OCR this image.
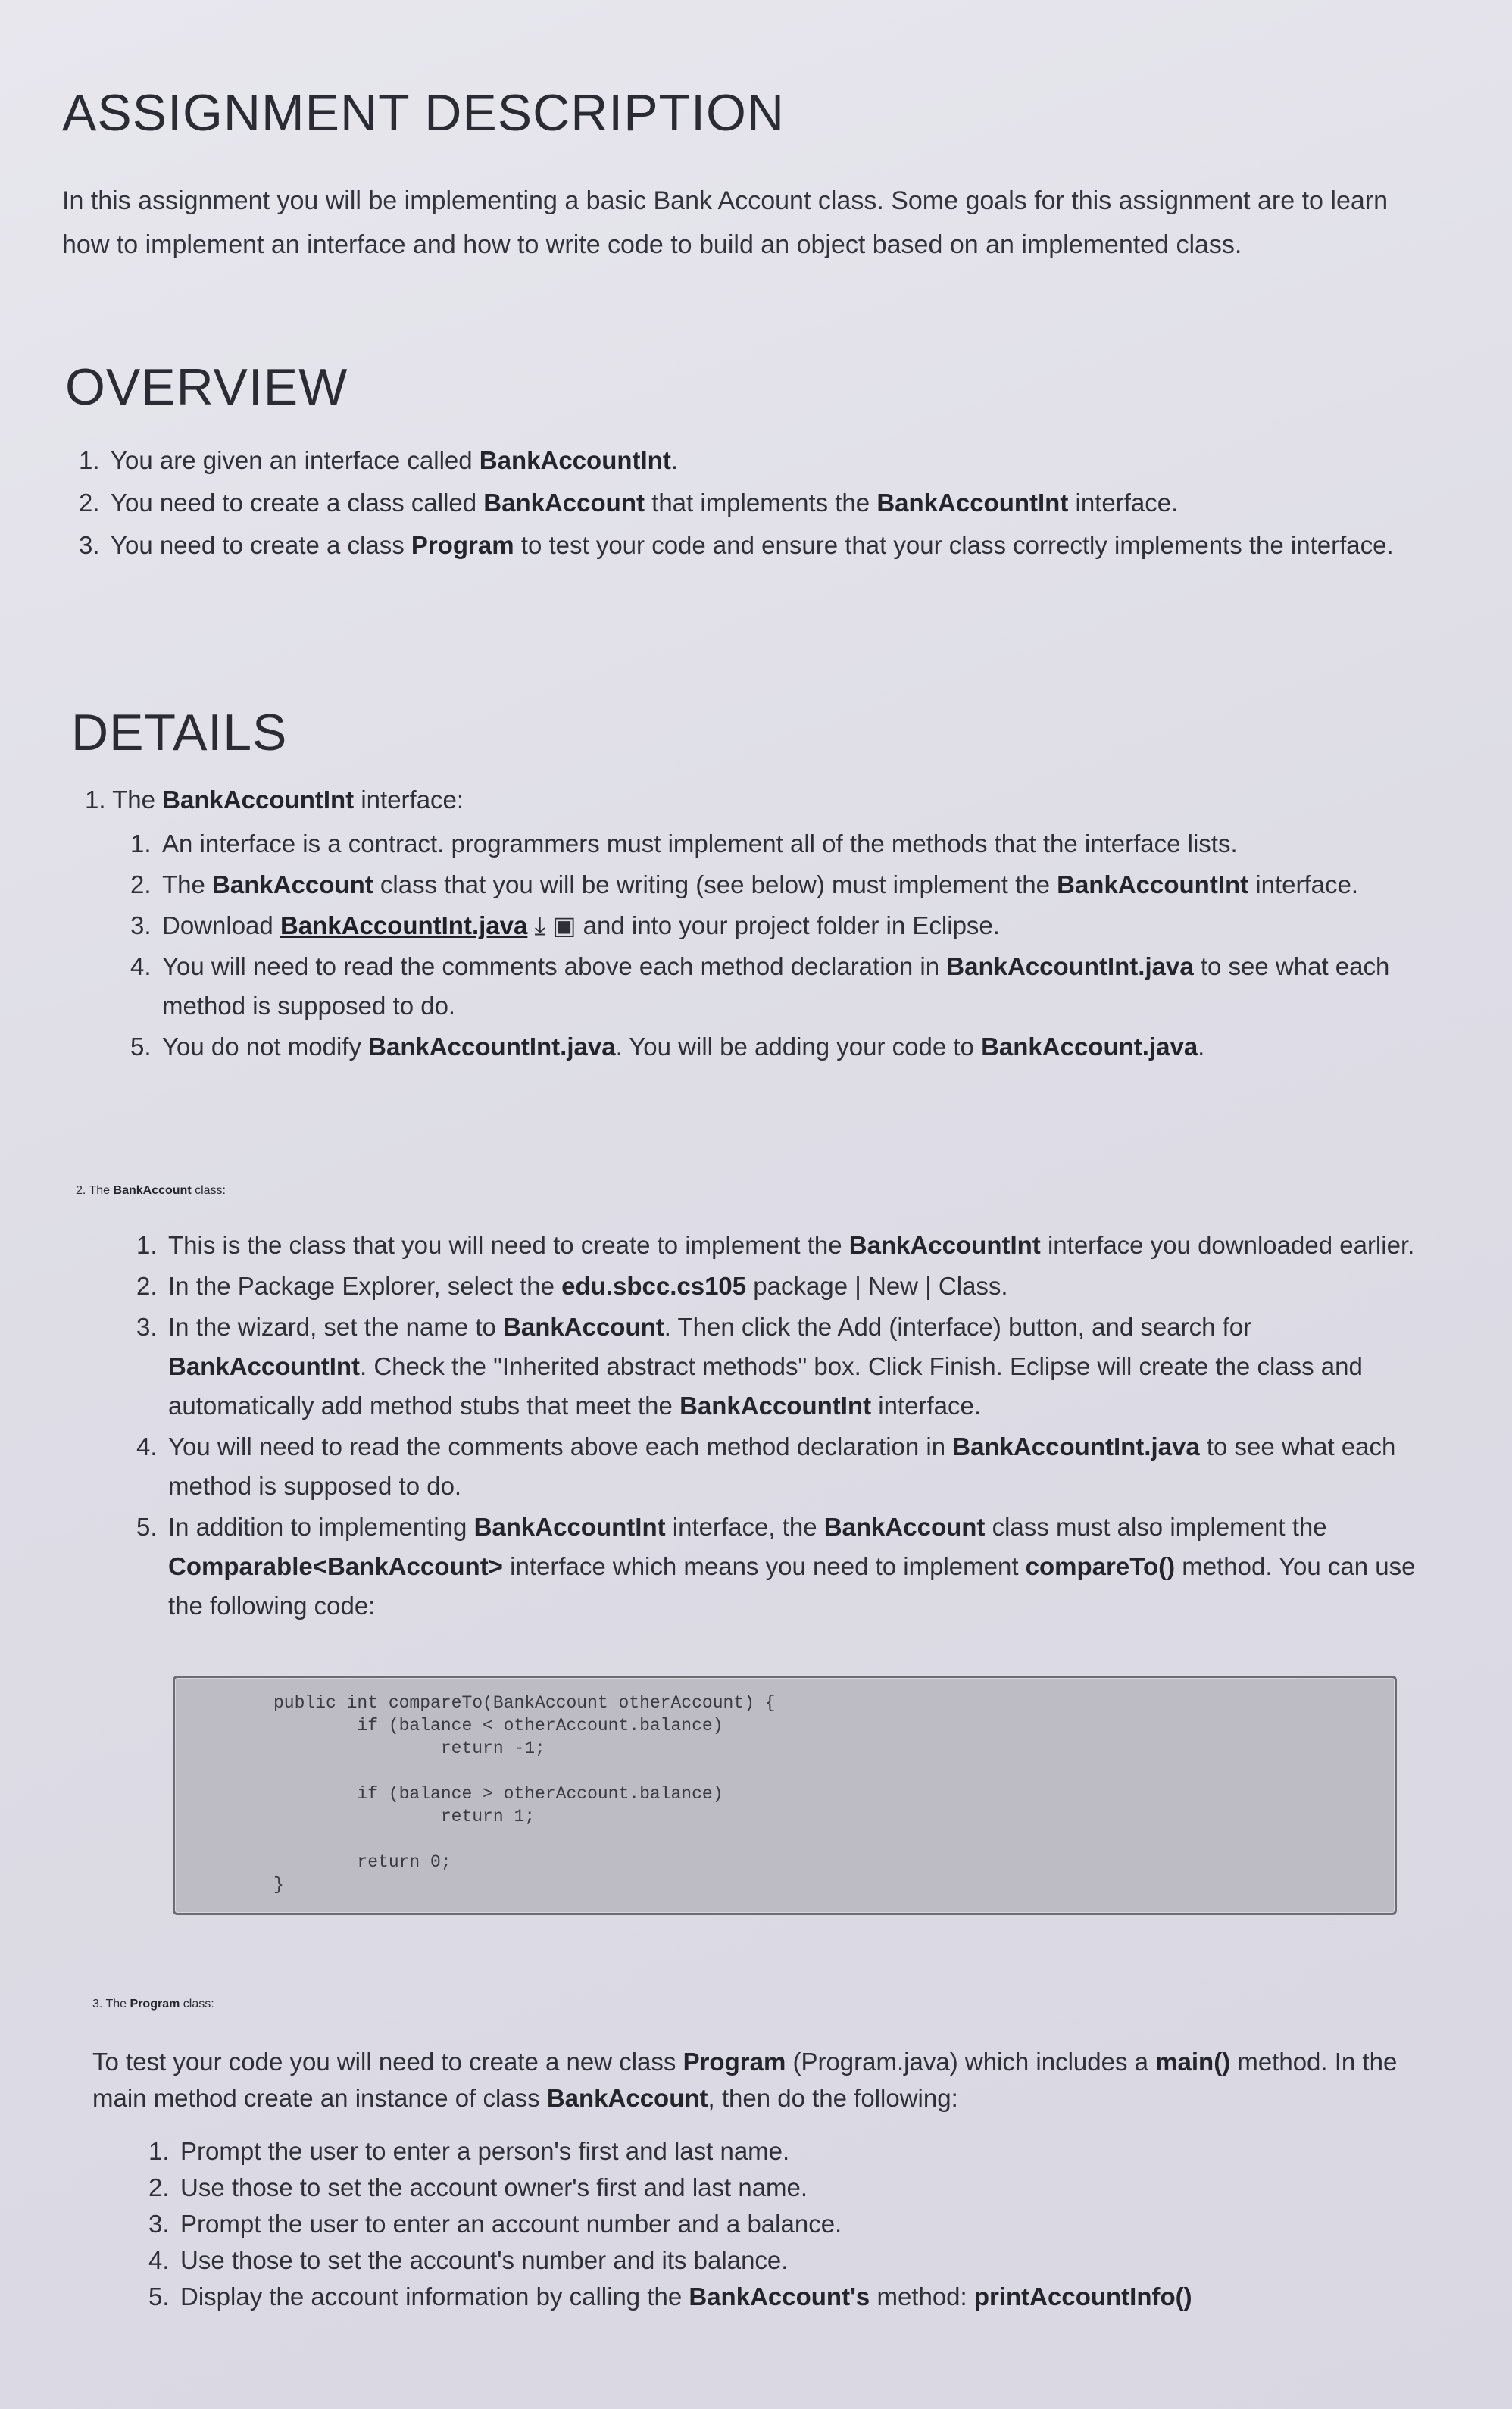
ASSIGNMENT DESCRIPTION

In this assignment you will be implementing a basic Bank Account class. Some goals for this assignment are to learn how to implement an interface and how to write code to build an object based on an implemented class.

OVERVIEW
1. You are given an interface called BankAccountInt.
2. You need to create a class called BankAccount that implements the BankAccountInt interface.
3. You need to create a class Program to test your code and ensure that your class correctly implements the interface.
DETAILS
1. The BankAccountInt interface:
1. An interface is a contract. programmers must implement all of the methods that the interface lists.
2. The BankAccount class that you will be writing (see below) must implement the BankAccountInt interface.
3. Download BankAccountInt.java ⤓ ▣ and into your project folder in Eclipse.
4. You will need to read the comments above each method declaration in BankAccountInt.java to see what each method is supposed to do.
5. You do not modify BankAccountInt.java. You will be adding your code to BankAccount.java.
2. The BankAccount class:
1. This is the class that you will need to create to implement the BankAccountInt interface you downloaded earlier.
2. In the Package Explorer, select the edu.sbcc.cs105 package | New | Class.
3. In the wizard, set the name to BankAccount. Then click the Add (interface) button, and search for BankAccountInt. Check the "Inherited abstract methods" box. Click Finish. Eclipse will create the class and automatically add method stubs that meet the BankAccountInt interface.
4. You will need to read the comments above each method declaration in BankAccountInt.java to see what each method is supposed to do.
5. In addition to implementing BankAccountInt interface, the BankAccount class must also implement the Comparable<BankAccount> interface which means you need to implement compareTo() method. You can use the following code:
public int compareTo(BankAccount otherAccount) {
if (balance < otherAccount.balance)
return -1;

if (balance > otherAccount.balance)
return 1;

return 0;
}
3. The Program class:

To test your code you will need to create a new class Program (Program.java) which includes a main() method. In the main method create an instance of class BankAccount, then do the following:

1. Prompt the user to enter a person's first and last name.
2. Use those to set the account owner's first and last name.
3. Prompt the user to enter an account number and a balance.
4. Use those to set the account's number and its balance.
5. Display the account information by calling the BankAccount's method: printAccountInfo()
